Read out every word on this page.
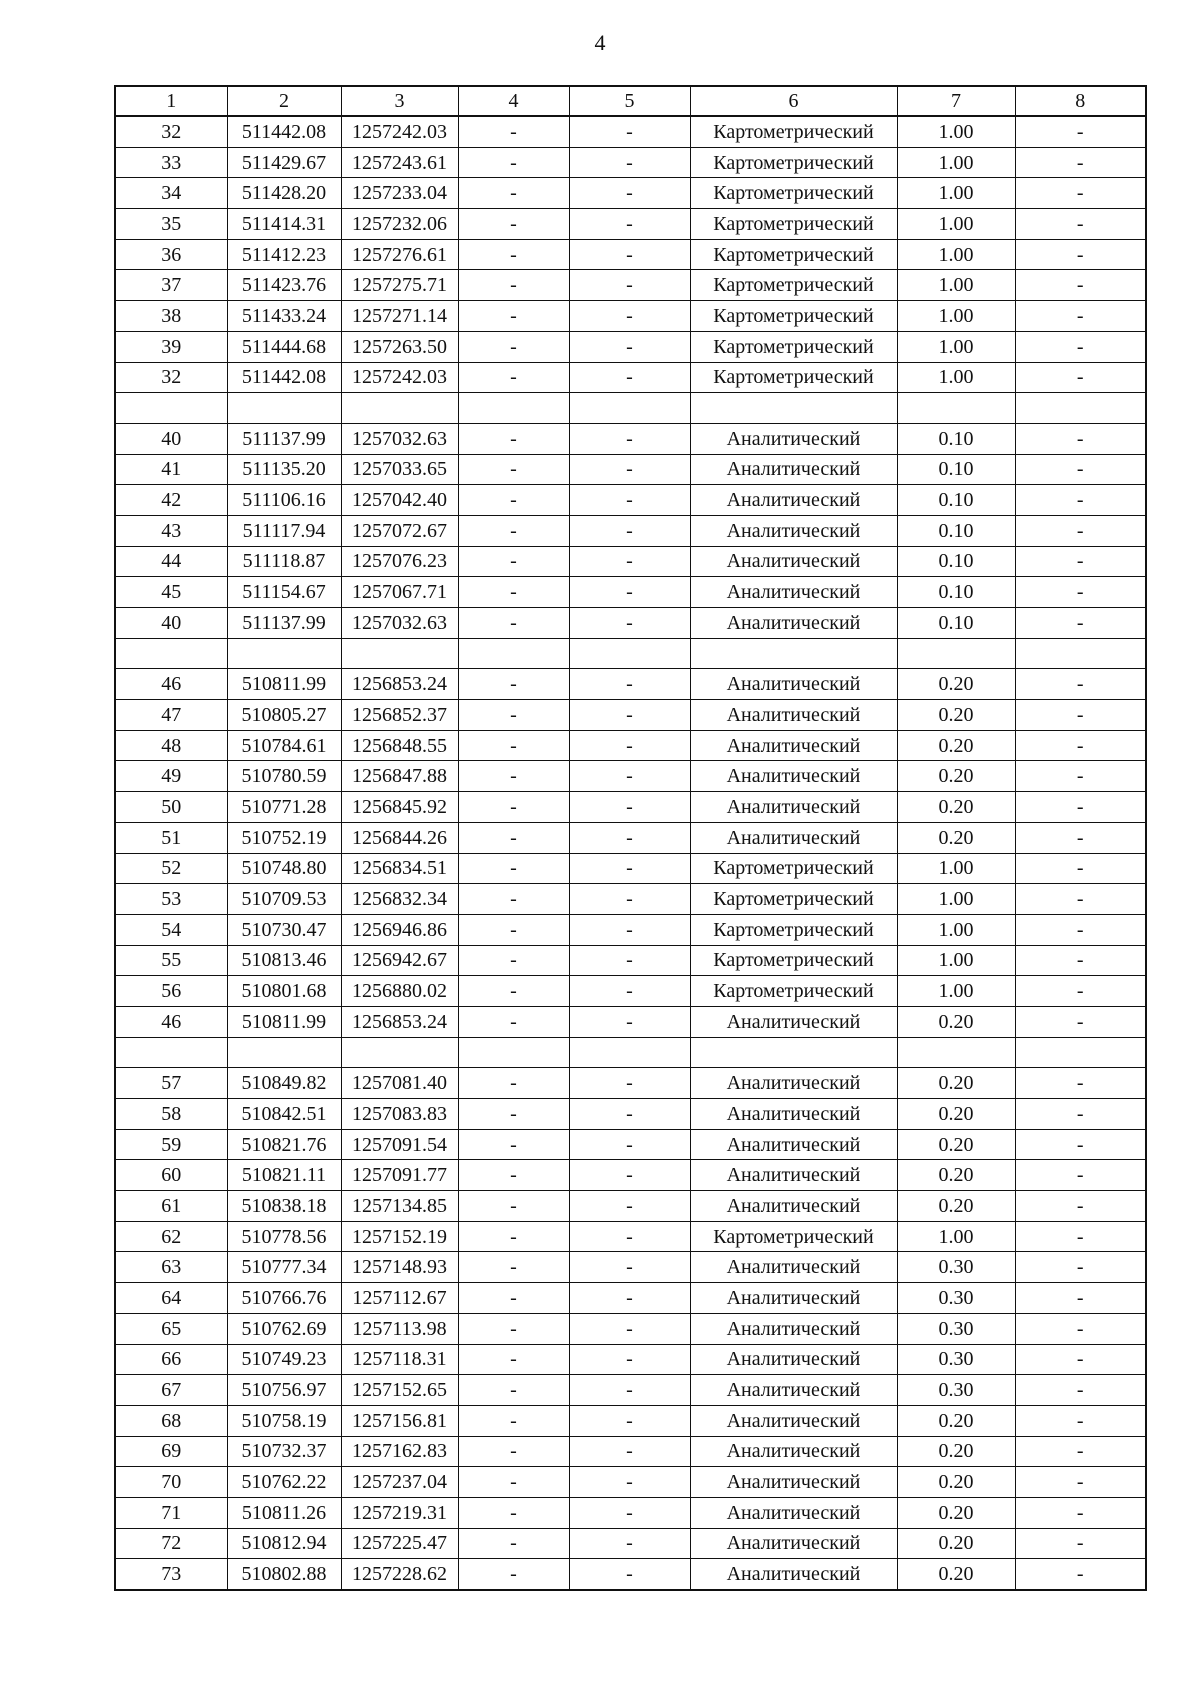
4
1	2	3	4	5	6	7	8
32	511442.08	1257242.03	-	-	Картометрический	1.00	-
33	511429.67	1257243.61	-	-	Картометрический	1.00	-
34	511428.20	1257233.04	-	-	Картометрический	1.00	-
35	511414.31	1257232.06	-	-	Картометрический	1.00	-
36	511412.23	1257276.61	-	-	Картометрический	1.00	-
37	511423.76	1257275.71	-	-	Картометрический	1.00	-
38	511433.24	1257271.14	-	-	Картометрический	1.00	-
39	511444.68	1257263.50	-	-	Картометрический	1.00	-
32	511442.08	1257242.03	-	-	Картометрический	1.00	-

40	511137.99	1257032.63	-	-	Аналитический	0.10	-
41	511135.20	1257033.65	-	-	Аналитический	0.10	-
42	511106.16	1257042.40	-	-	Аналитический	0.10	-
43	511117.94	1257072.67	-	-	Аналитический	0.10	-
44	511118.87	1257076.23	-	-	Аналитический	0.10	-
45	511154.67	1257067.71	-	-	Аналитический	0.10	-
40	511137.99	1257032.63	-	-	Аналитический	0.10	-

46	510811.99	1256853.24	-	-	Аналитический	0.20	-
47	510805.27	1256852.37	-	-	Аналитический	0.20	-
48	510784.61	1256848.55	-	-	Аналитический	0.20	-
49	510780.59	1256847.88	-	-	Аналитический	0.20	-
50	510771.28	1256845.92	-	-	Аналитический	0.20	-
51	510752.19	1256844.26	-	-	Аналитический	0.20	-
52	510748.80	1256834.51	-	-	Картометрический	1.00	-
53	510709.53	1256832.34	-	-	Картометрический	1.00	-
54	510730.47	1256946.86	-	-	Картометрический	1.00	-
55	510813.46	1256942.67	-	-	Картометрический	1.00	-
56	510801.68	1256880.02	-	-	Картометрический	1.00	-
46	510811.99	1256853.24	-	-	Аналитический	0.20	-

57	510849.82	1257081.40	-	-	Аналитический	0.20	-
58	510842.51	1257083.83	-	-	Аналитический	0.20	-
59	510821.76	1257091.54	-	-	Аналитический	0.20	-
60	510821.11	1257091.77	-	-	Аналитический	0.20	-
61	510838.18	1257134.85	-	-	Аналитический	0.20	-
62	510778.56	1257152.19	-	-	Картометрический	1.00	-
63	510777.34	1257148.93	-	-	Аналитический	0.30	-
64	510766.76	1257112.67	-	-	Аналитический	0.30	-
65	510762.69	1257113.98	-	-	Аналитический	0.30	-
66	510749.23	1257118.31	-	-	Аналитический	0.30	-
67	510756.97	1257152.65	-	-	Аналитический	0.30	-
68	510758.19	1257156.81	-	-	Аналитический	0.20	-
69	510732.37	1257162.83	-	-	Аналитический	0.20	-
70	510762.22	1257237.04	-	-	Аналитический	0.20	-
71	510811.26	1257219.31	-	-	Аналитический	0.20	-
72	510812.94	1257225.47	-	-	Аналитический	0.20	-
73	510802.88	1257228.62	-	-	Аналитический	0.20	-
